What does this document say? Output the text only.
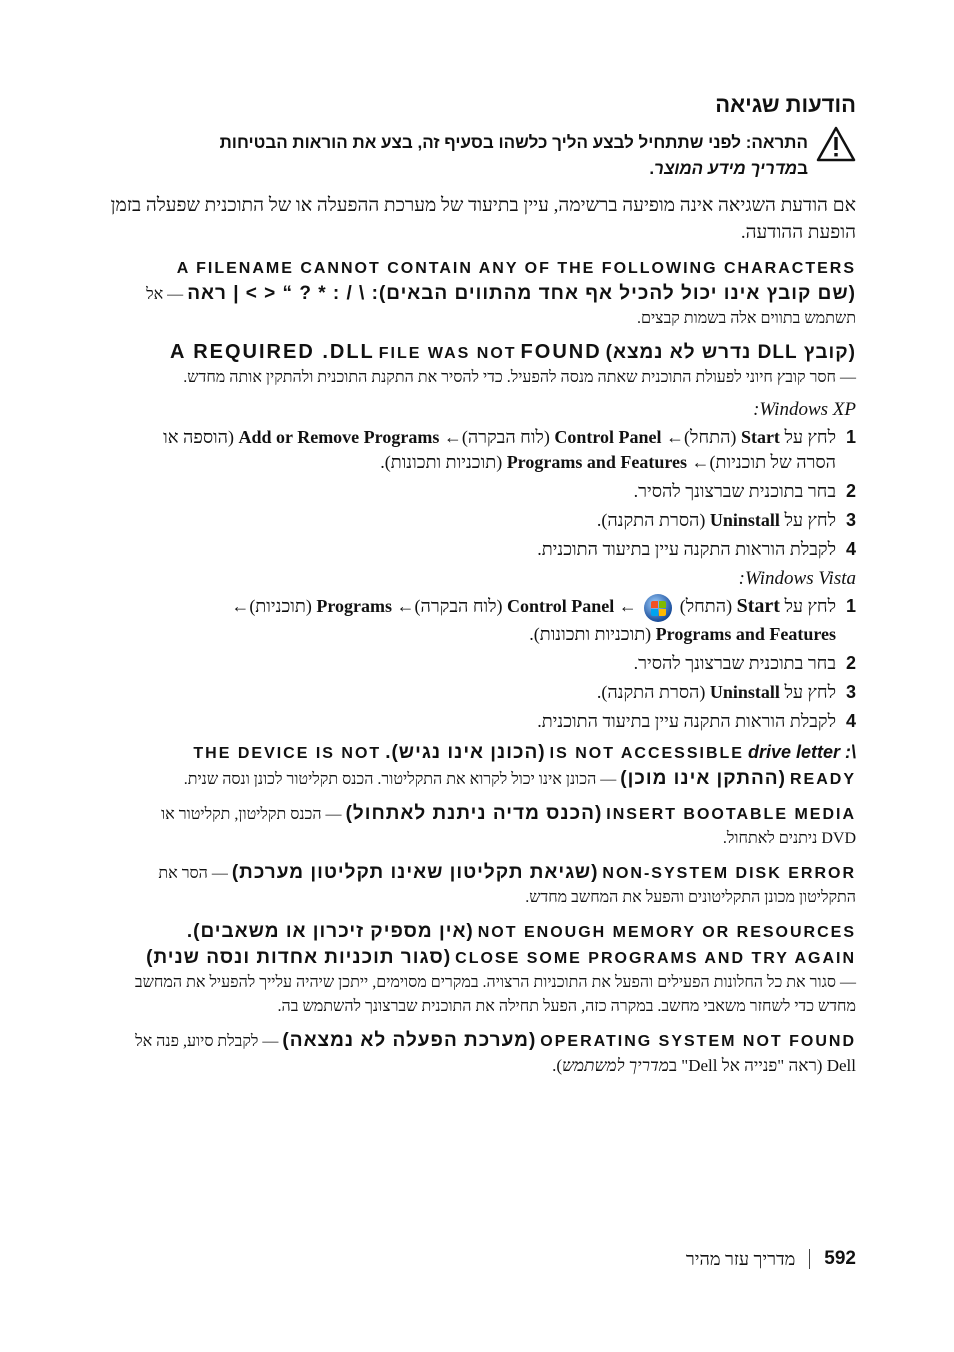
הודעות שגיאה
התראה: לפני שתתחיל לבצע הליך כלשהו בסעיף זה, בצע את הוראות הבטיחות
במדריך מידע המוצר.

אם הודעת השגיאה אינה מופיעה ברשימה, עיין בתיעוד של מערכת ההפעלה או של התוכנית שפעלה בזמן הופעת ההודעה.

A FILENAME CANNOT CONTAIN ANY OF THE FOLLOWING CHARACTERS
(שם קובץ אינו יכול להכיל אף אחד מהתווים הבאים): \ / : * ? “ < > | ראה — אל
תשתמש בתווים אלה בשמות קבצים.
(קובץ DLL נדרש לא נמצא) A REQUIRED .DLL FILE WAS NOT FOUND
— חסר קובץ חיוני לפעולת התוכנית שאתה מנסה להפעיל. כדי להסיר את התקנת התוכנית ולהתקין אותה מחדש.
Windows XP:
1
לחץ על Start (התחל)← Control Panel (לוח הבקרה)← Add or Remove Programs (הוספה או
הסרה של תוכניות)← Programs and Features (תוכניות ותכונות).
2
בחר בתוכנית שברצונך להסיר.
3
לחץ על Uninstall (הסרת התקנה).
4
לקבלת הוראות התקנה עיין בתיעוד התוכנית.
Windows Vista:
1
לחץ על Start (התחל)
← Control Panel (לוח הבקרה)← Programs (תוכניות)←
Programs and Features (תוכניות ותכונות).
2
בחר בתוכנית שברצונך להסיר.
3
לחץ על Uninstall (הסרת התקנה).
4
לקבלת הוראות התקנה עיין בתיעוד התוכנית.
IS NOT ACCESSIBLE drive letter :\ (הכונן אינו נגיש). THE DEVICE IS NOT
READY (ההתקן אינו מוכן) — הכונן אינו יכול לקרוא את התקליטור. הכנס תקליטור לכונן ונסה שנית.
INSERT BOOTABLE MEDIA (הכנס מדיה ניתנת לאתחול) — הכנס תקליטון, תקליטור או
DVD ניתנים לאתחול.
NON-SYSTEM DISK ERROR (שגיאת תקליטון שאינו תקליטון מערכת) — הסר את
התקליטון מכונן התקליטונים והפעל את המחשב מחדש.
NOT ENOUGH MEMORY OR RESOURCES (אין מספיק זיכרון או משאבים).
CLOSE SOME PROGRAMS AND TRY AGAIN (סגור תוכניות אחדות ונסה שנית)
— סגור את כל החלונות הפעילים והפעל את התוכניות הרצויה. במקרים מסוימים, ייתכן שיהיה עלייך להפעיל את המחשב מחדש כדי לשחזר משאבי מחשב. במקרה כזה, הפעל תחילה את התוכנית שברצונך להשתמש בה.
OPERATING SYSTEM NOT FOUND (מערכת הפעלה לא נמצאה) — לקבלת סיוע, פנה אל
Dell (ראה "פנייה אל Dell" במדריך למשתמש).
592
מדריך עזר מהיר
